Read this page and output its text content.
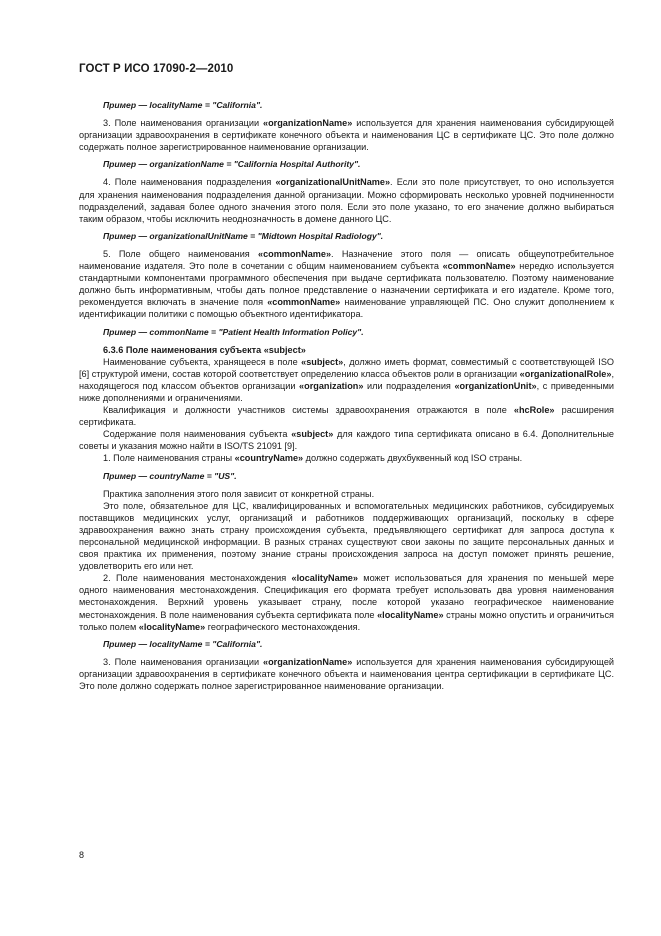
ГОСТ Р ИСО 17090-2—2010
Пример — localityName = "California".

3. Поле наименования организации «organizationName» используется для хранения наименования субсидирующей организации здравоохранения в сертификате конечного объекта и наименования ЦС в сертификате ЦС. Это поле должно содержать полное зарегистрированное наименование организации.

Пример — organizationName = "California Hospital Authority".

4. Поле наименования подразделения «organizationalUnitName». Если это поле присутствует, то оно используется для хранения наименования подразделения данной организации. Можно сформировать несколько уровней подчиненности подразделений, задавая более одного значения этого поля. Если это поле указано, то его значение должно выбираться таким образом, чтобы исключить неоднозначность в домене данного ЦС.

Пример — organizationalUnitName = "Midtown Hospital Radiology".

5. Поле общего наименования «commonName». Назначение этого поля — описать общеупотребительное наименование издателя. Это поле в сочетании с общим наименованием субъекта «commonName» нередко используется стандартными компонентами программного обеспечения при выдаче сертификата пользователю. Поэтому наименование должно быть информативным, чтобы дать полное представление о назначении сертификата и его издателе. Кроме того, рекомендуется включать в значение поля «commonName» наименование управляющей ПС. Оно служит дополнением к идентификации политики с помощью объектного идентификатора.

Пример — commonName = "Patient Health Information Policy".
6.3.6 Поле наименования субъекта «subject»

Наименование субъекта, хранящееся в поле «subject», должно иметь формат, совместимый с соответствующей ISO [6] структурой имени, состав которой соответствует определению класса объектов роли в организации «organizationalRole», находящегося под классом объектов организации «organization» или подразделения «organizationUnit», с приведенными ниже дополнениями и ограничениями.

Квалификация и должности участников системы здравоохранения отражаются в поле «hcRole» расширения сертификата.

Содержание поля наименования субъекта «subject» для каждого типа сертификата описано в 6.4. Дополнительные советы и указания можно найти в ISO/TS 21091 [9].

1. Поле наименования страны «countryName» должно содержать двухбуквенный код ISO страны.

Пример — countryName = "US".

Практика заполнения этого поля зависит от конкретной страны.

Это поле, обязательное для ЦС, квалифицированных и вспомогательных медицинских работников, субсидируемых поставщиков медицинских услуг, организаций и работников поддерживающих организаций, поскольку в сфере здравоохранения важно знать страну происхождения субъекта, предъявляющего сертификат для запроса доступа к персональной медицинской информации. В разных странах существуют свои законы по защите персональных данных и своя практика их применения, поэтому знание страны происхождения запроса на доступ поможет принять решение, удовлетворить его или нет.

2. Поле наименования местонахождения «localityName» может использоваться для хранения по меньшей мере одного наименования местонахождения. Спецификация его формата требует использовать два уровня наименования местонахождения. Верхний уровень указывает страну, после которой указано географическое наименование местонахождения. В поле наименования субъекта сертификата поле «localityName» страны можно опустить и ограничиться только полем «localityName» географического местонахождения.

Пример — localityName = "California".

3. Поле наименования организации «organizationName» используется для хранения наименования субсидирующей организации здравоохранения в сертификате конечного объекта и наименования центра сертификации в сертификате ЦС. Это поле должно содержать полное зарегистрированное наименование организации.

8
